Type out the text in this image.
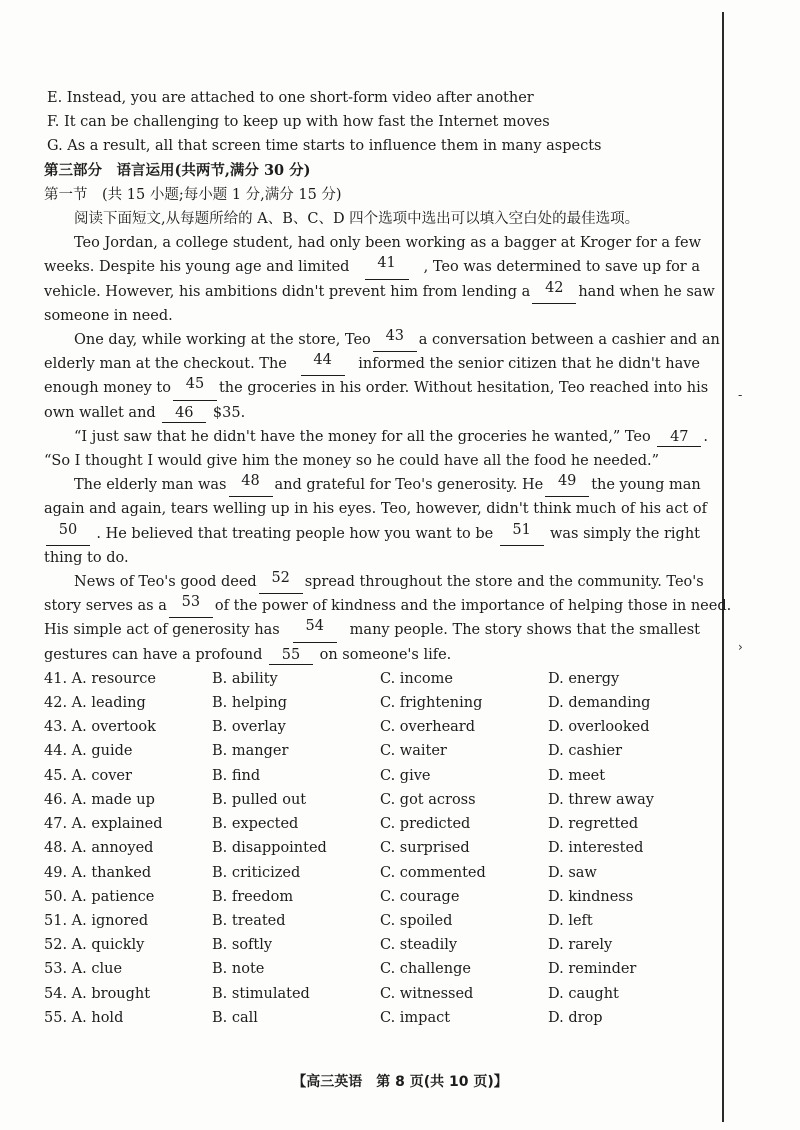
-
›
E. Instead, you are attached to one short-form video after another
F. It can be challenging to keep up with how fast the Internet moves
G. As a result, all that screen time starts to influence them in many aspects
第三部分　语言运用(共两节,满分 30 分)
第一节　(共 15 小题;每小题 1 分,满分 15 分)
阅读下面短文,从每题所给的 A、B、C、D 四个选项中选出可以填入空白处的最佳选项。
Teo Jordan, a college student, had only been working as a bagger at Kroger for a few
weeks. Despite his young age and limited	41	, Teo was determined to save up for a
vehicle. However, his ambitions didn't prevent him from lending a	42	hand when he saw
someone in need.
One day, while working at the store, Teo	43	a conversation between a cashier and an
elderly man at the checkout. The	44	informed the senior citizen that he didn't have
enough money to	45	the groceries in his order. Without hesitation, Teo reached into his
own wallet and 46 $35.
“I just saw that he didn't have the money for all the groceries he wanted,” Teo 47 .
“So I thought I would give him the money so he could have all the food he needed.”
The elderly man was	48	and grateful for Teo's generosity. He	49	the young man
again and again, tears welling up in his eyes. Teo, however, didn't think much of his act of
50	. He believed that treating people how you want to be	51	was simply the right
thing to do.
News of Teo's good deed	52	spread throughout the store and the community. Teo's
story serves as a	53	of the power of kindness and the importance of helping those in need.
His simple act of generosity has	54	many people. The story shows that the smallest
gestures can have a profound 55 on someone's life.
41. A. resource	B. ability	C. income	D. energy
42. A. leading	B. helping	C. frightening	D. demanding
43. A. overtook	B. overlay	C. overheard	D. overlooked
44. A. guide	B. manger	C. waiter	D. cashier
45. A. cover	B. find	C. give	D. meet
46. A. made up	B. pulled out	C. got across	D. threw away
47. A. explained	B. expected	C. predicted	D. regretted
48. A. annoyed	B. disappointed	C. surprised	D. interested
49. A. thanked	B. criticized	C. commented	D. saw
50. A. patience	B. freedom	C. courage	D. kindness
51. A. ignored	B. treated	C. spoiled	D. left
52. A. quickly	B. softly	C. steadily	D. rarely
53. A. clue	B. note	C. challenge	D. reminder
54. A. brought	B. stimulated	C. witnessed	D. caught
55. A. hold	B. call	C. impact	D. drop
【高三英语　第 8 页(共 10 页)】
